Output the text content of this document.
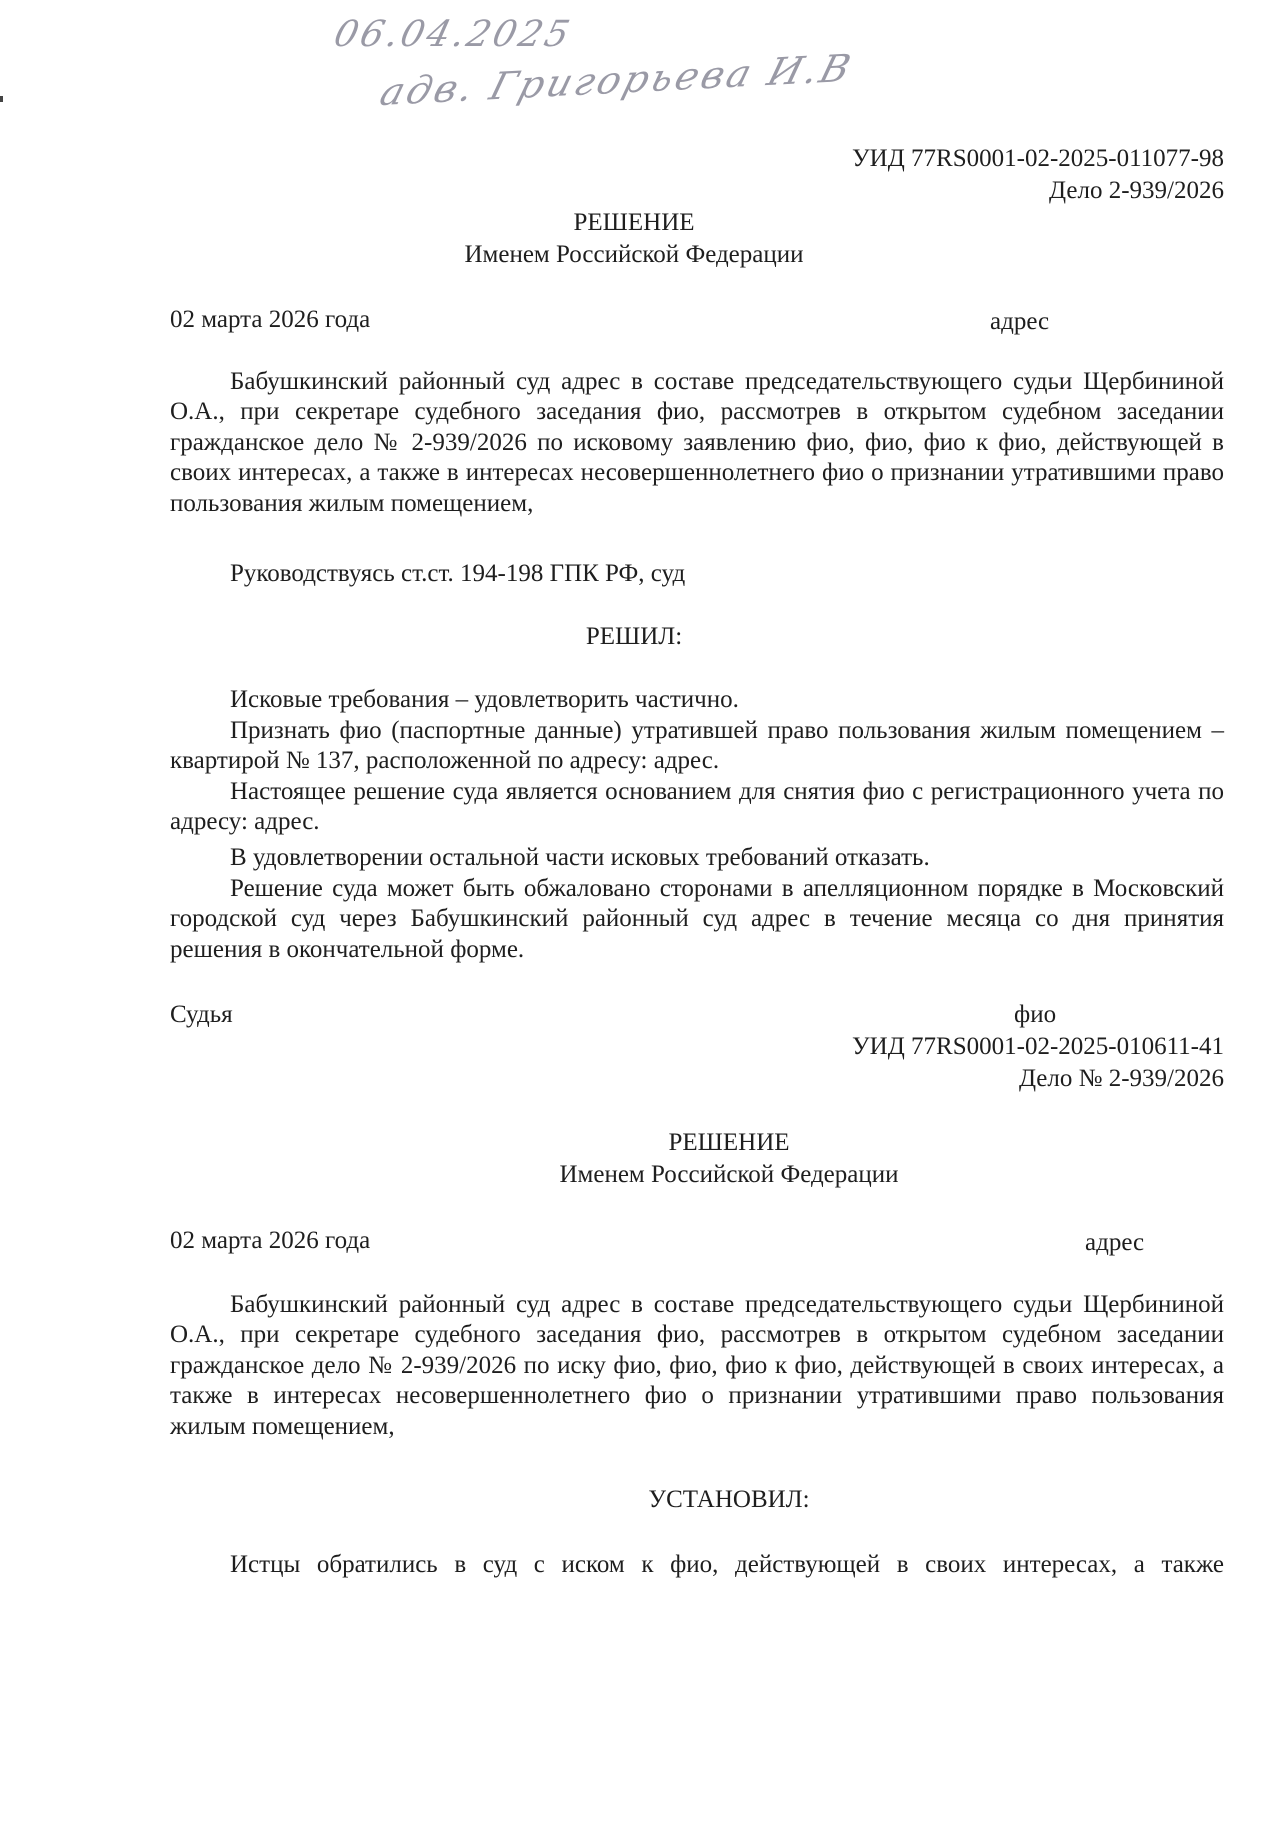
06.04.2025
адв. Григорьева И.В
УИД 77RS0001-02-2025-011077-98
Дело 2-939/2026
РЕШЕНИЕ
Именем Российской Федерации
02 марта 2026 года	адрес
Бабушкинский районный суд адрес в составе председательствующего судьи Щербининой О.А., при секретаре судебного заседания фио, рассмотрев в открытом судебном заседании гражданское дело № 2-939/2026 по исковому заявлению фио, фио, фио к фио, действующей в своих интересах, а также в интересах несовершеннолетнего фио о признании утратившими право пользования жилым помещением,
Руководствуясь ст.ст. 194-198 ГПК РФ, суд
РЕШИЛ:
Исковые требования – удовлетворить частично.
Признать фио (паспортные данные) утратившей право пользования жилым помещением – квартирой № 137, расположенной по адресу: адрес.
Настоящее решение суда является основанием для снятия фио с регистрационного учета по адресу: адрес.
В удовлетворении остальной части исковых требований отказать.
Решение суда может быть обжаловано сторонами в апелляционном порядке в Московский городской суд через Бабушкинский районный суд адрес в течение месяца со дня принятия решения в окончательной форме.
Судья	фио
УИД 77RS0001-02-2025-010611-41
Дело № 2-939/2026
РЕШЕНИЕ
Именем Российской Федерации
02 марта 2026 года	адрес
Бабушкинский районный суд адрес в составе председательствующего судьи Щербининой О.А., при секретаре судебного заседания фио, рассмотрев в открытом судебном заседании гражданское дело № 2-939/2026 по иску фио, фио, фио к фио, действующей в своих интересах, а также в интересах несовершеннолетнего фио о признании утратившими право пользования жилым помещением,
УСТАНОВИЛ:
Истцы обратились в суд с иском к фио, действующей в своих интересах, а также
